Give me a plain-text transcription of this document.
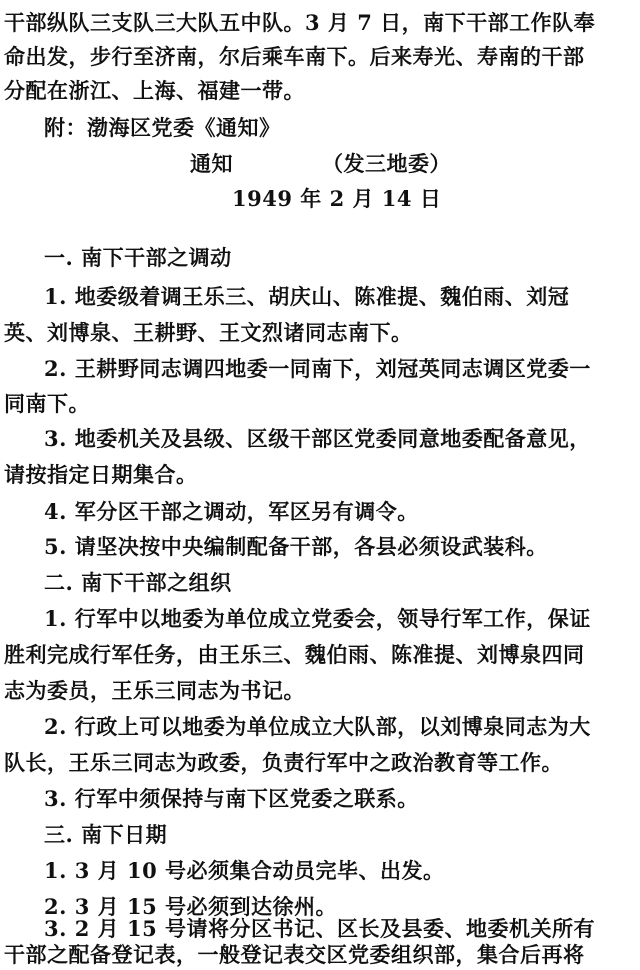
干部纵队三支队三大队五中队。3 月 7 日，南下干部工作队奉
命出发，步行至济南，尔后乘车南下。后来寿光、寿南的干部
分配在浙江、上海、福建一带。
附：渤海区党委《通知》
通知	（发三地委）
1949 年 2 月 14 日
一. 南下干部之调动
1. 地委级着调王乐三、胡庆山、陈准提、魏伯雨、刘冠
英、刘博泉、王耕野、王文烈诸同志南下。
2. 王耕野同志调四地委一同南下，刘冠英同志调区党委一
同南下。
3. 地委机关及县级、区级干部区党委同意地委配备意见，
请按指定日期集合。
4. 军分区干部之调动，军区另有调令。
5. 请坚决按中央编制配备干部，各县必须设武装科。
二. 南下干部之组织
1. 行军中以地委为单位成立党委会，领导行军工作，保证
胜利完成行军任务，由王乐三、魏伯雨、陈准提、刘博泉四同
志为委员，王乐三同志为书记。
2. 行政上可以地委为单位成立大队部，以刘博泉同志为大
队长，王乐三同志为政委，负责行军中之政治教育等工作。
3. 行军中须保持与南下区党委之联系。
三. 南下日期
1. 3 月 10 号必须集合动员完毕、出发。
2. 3 月 15 号必须到达徐州。
3. 2 月 15 号请将分区书记、区长及县委、地委机关所有
干部之配备登记表，一般登记表交区党委组织部，集合后再将
